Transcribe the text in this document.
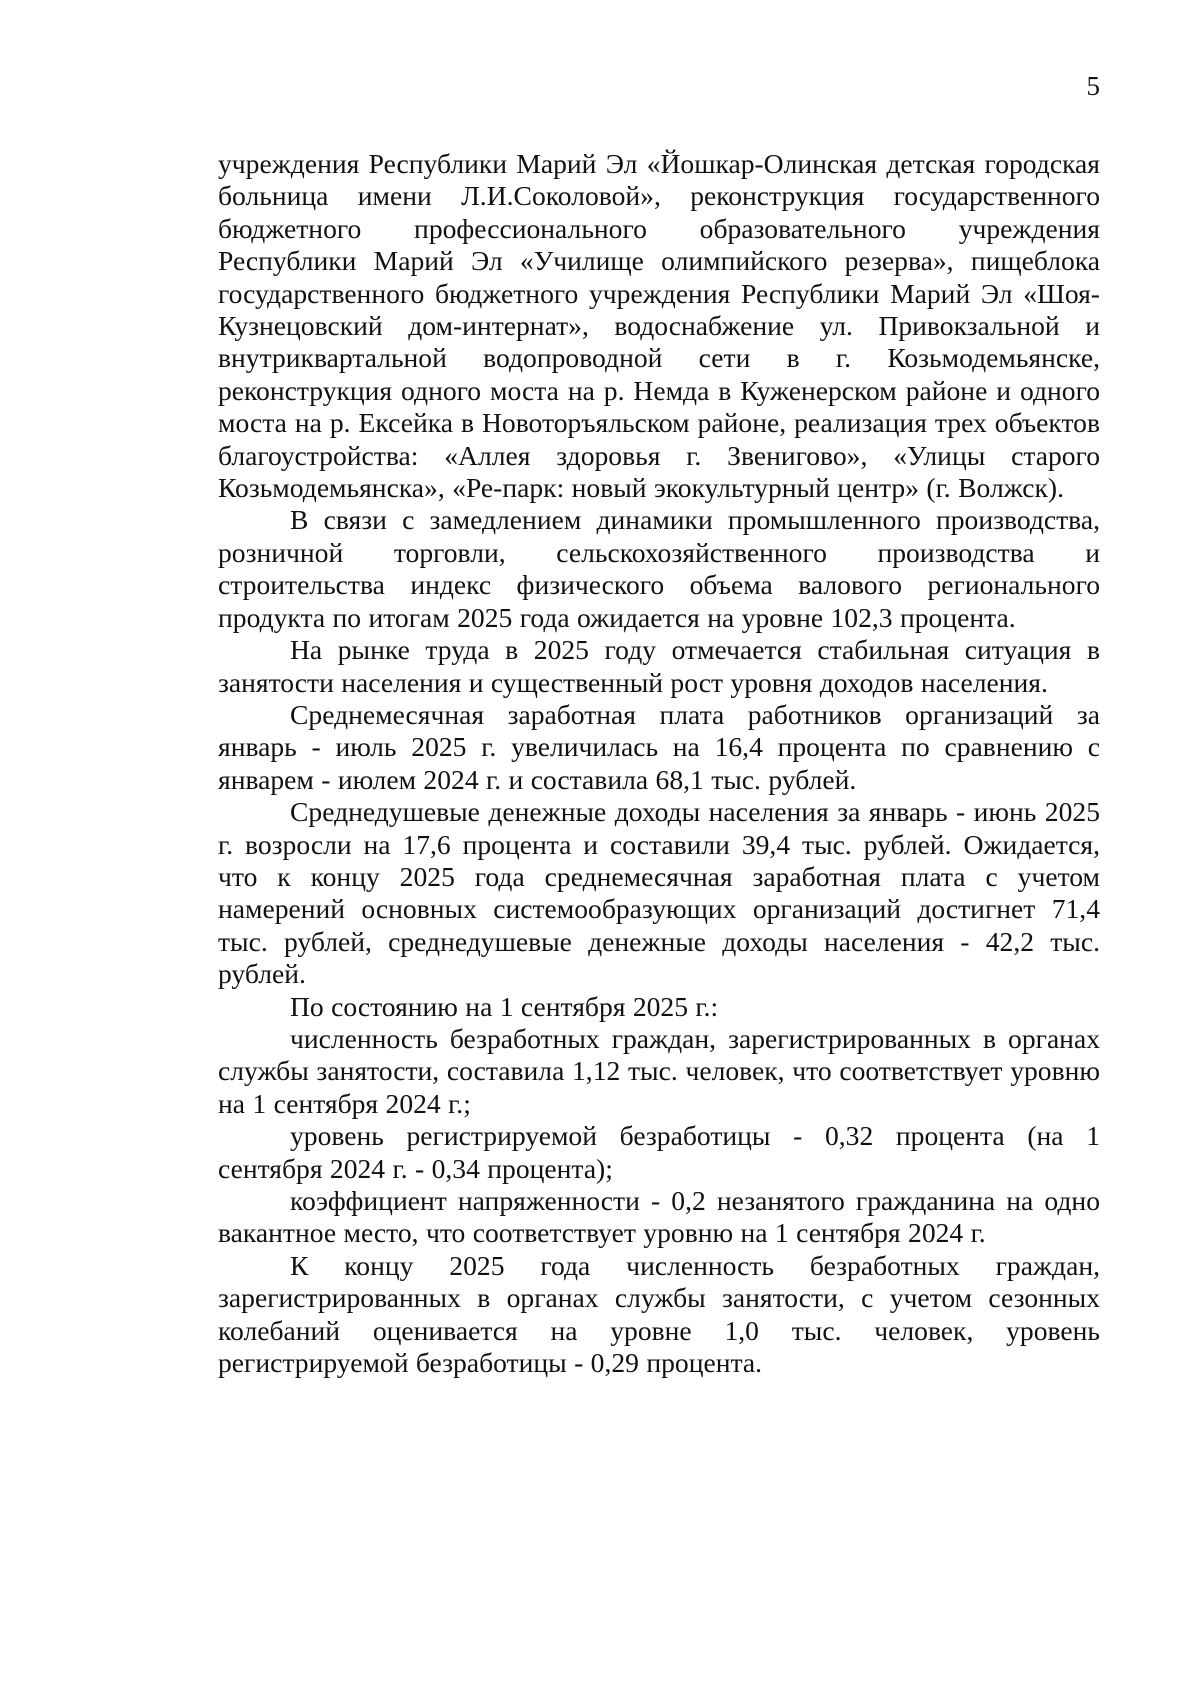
5

учреждения Республики Марий Эл «Йошкар-Олинская детская городская больница имени Л.И.Соколовой», реконструкция государственного бюджетного профессионального образовательного учреждения Республики Марий Эл «Училище олимпийского резерва», пищеблока государственного бюджетного учреждения Республики Марий Эл «Шоя-Кузнецовский дом-интернат», водоснабжение ул. Привокзальной и внутриквартальной водопроводной сети в г. Козьмодемьянске, реконструкция одного моста на р. Немда в Куженерском районе и одного моста на р. Ексейка в Новоторъяльском районе, реализация трех объектов благоустройства: «Аллея здоровья г. Звенигово», «Улицы старого Козьмодемьянска», «Ре-парк: новый экокультурный центр» (г. Волжск).

В связи с замедлением динамики промышленного производства, розничной торговли, сельскохозяйственного производства и строительства индекс физического объема валового регионального продукта по итогам 2025 года ожидается на уровне 102,3 процента.

На рынке труда в 2025 году отмечается стабильная ситуация в занятости населения и существенный рост уровня доходов населения.

Среднемесячная заработная плата работников организаций за январь - июль 2025 г. увеличилась на 16,4 процента по сравнению с январем - июлем 2024 г. и составила 68,1 тыс. рублей.

Среднедушевые денежные доходы населения за январь - июнь 2025 г. возросли на 17,6 процента и составили 39,4 тыс. рублей. Ожидается, что к концу 2025 года среднемесячная заработная плата с учетом намерений основных системообразующих организаций достигнет 71,4 тыс. рублей, среднедушевые денежные доходы населения - 42,2 тыс. рублей.

По состоянию на 1 сентября 2025 г.:

численность безработных граждан, зарегистрированных в органах службы занятости, составила 1,12 тыс. человек, что соответствует уровню на 1 сентября 2024 г.;

уровень регистрируемой безработицы - 0,32 процента (на 1 сентября 2024 г. - 0,34 процента);

коэффициент напряженности - 0,2 незанятого гражданина на одно вакантное место, что соответствует уровню на 1 сентября 2024 г.

К концу 2025 года численность безработных граждан, зарегистрированных в органах службы занятости, с учетом сезонных колебаний оценивается на уровне 1,0 тыс. человек, уровень регистрируемой безработицы - 0,29 процента.
